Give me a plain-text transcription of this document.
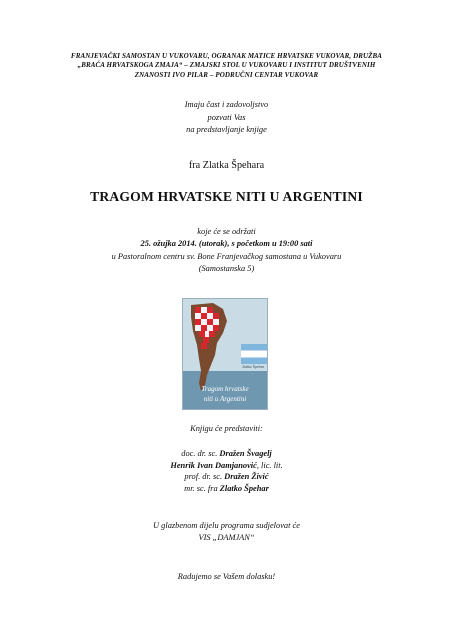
FRANJEVAČKI SAMOSTAN U VUKOVARU, OGRANAK MATICE HRVATSKE VUKOVAR, DRUŽBA
„BRAĆA HRVATSKOGA ZMAJA“ – ZMAJSKI STOL U VUKOVARU I INSTITUT DRUŠTVENIH
ZNANOSTI IVO PILAR – PODRUČNI CENTAR VUKOVAR
Imaju čast i zadovoljstvo
pozvati Vas
na predstavljanje knjige
fra Zlatka Špehara
TRAGOM HRVATSKE NITI U ARGENTINI
koje će se održati
25. ožujka 2014. (utorak), s početkom u 19:00 sati
u Pastoralnom centru sv. Bone Franjevačkog samostana u Vukovaru
(Samostanska 5)
Zlatko Špehar
Tragom hrvatske
niti u Argentini
Knjigu će predstaviti:
doc. dr. sc. Dražen Švagelj
Henrik Ivan Damjanović, lic. lit.
prof. dr. sc. Dražen Živić
mr. sc. fra Zlatko Špehar
U glazbenom dijelu programa sudjelovat će
VIS „DAMJAN“
Radujemo se Vašem dolasku!
